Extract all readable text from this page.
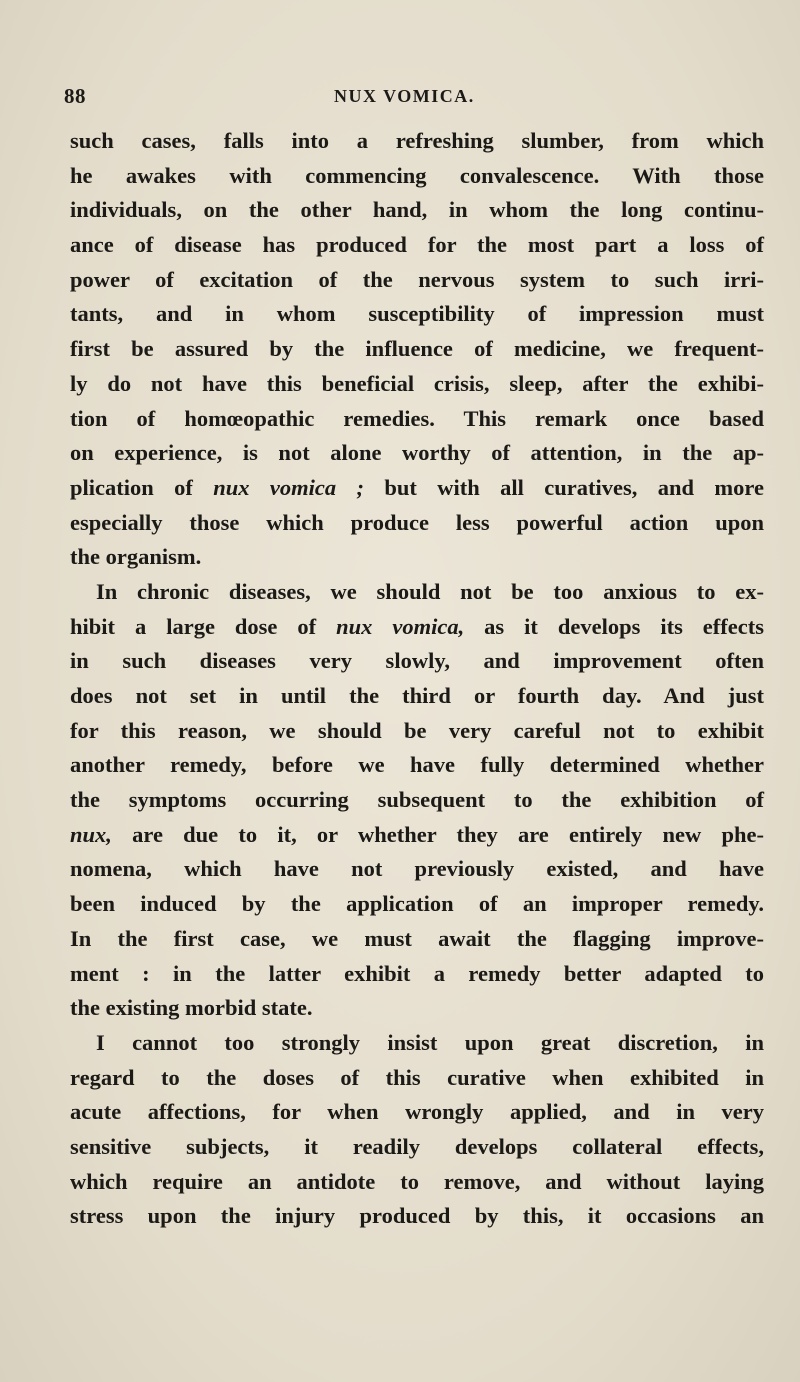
88	NUX VOMICA.
such cases, falls into a refreshing slumber, from which
he awakes with commencing convalescence. With those
individuals, on the other hand, in whom the long continu-
ance of disease has produced for the most part a loss of
power of excitation of the nervous system to such irri-
tants, and in whom susceptibility of impression must
first be assured by the influence of medicine, we frequent-
ly do not have this beneficial crisis, sleep, after the exhibi-
tion of homœopathic remedies. This remark once based
on experience, is not alone worthy of attention, in the ap-
plication of nux vomica ; but with all curatives, and more
especially those which produce less powerful action upon
the organism.
In chronic diseases, we should not be too anxious to ex-
hibit a large dose of nux vomica, as it develops its effects
in such diseases very slowly, and improvement often
does not set in until the third or fourth day. And just
for this reason, we should be very careful not to exhibit
another remedy, before we have fully determined whether
the symptoms occurring subsequent to the exhibition of
nux, are due to it, or whether they are entirely new phe-
nomena, which have not previously existed, and have
been induced by the application of an improper remedy.
In the first case, we must await the flagging improve-
ment : in the latter exhibit a remedy better adapted to
the existing morbid state.
I cannot too strongly insist upon great discretion, in
regard to the doses of this curative when exhibited in
acute affections, for when wrongly applied, and in very
sensitive subjects, it readily develops collateral effects,
which require an antidote to remove, and without laying
stress upon the injury produced by this, it occasions an
